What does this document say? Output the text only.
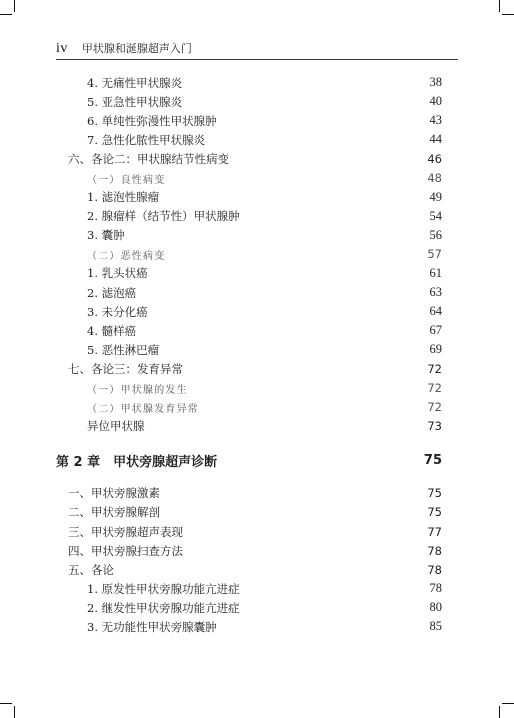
iv 甲状腺和涎腺超声入门
4. 无痛性甲状腺炎	38
5. 亚急性甲状腺炎	40
6. 单纯性弥漫性甲状腺肿	43
7. 急性化脓性甲状腺炎	44
六、各论二：甲状腺结节性病变	46
（一）良性病变	48
1. 滤泡性腺瘤	49
2. 腺瘤样（结节性）甲状腺肿	54
3. 囊肿	56
（二）恶性病变	57
1. 乳头状癌	61
2. 滤泡癌	63
3. 未分化癌	64
4. 髓样癌	67
5. 恶性淋巴瘤	69
七、各论三：发育异常	72
（一）甲状腺的发生	72
（二）甲状腺发育异常	72
异位甲状腺	73
第 2 章　甲状旁腺超声诊断	75
一、甲状旁腺激素	75
二、甲状旁腺解剖	75
三、甲状旁腺超声表现	77
四、甲状旁腺扫查方法	78
五、各论	78
1. 原发性甲状旁腺功能亢进症	78
2. 继发性甲状旁腺功能亢进症	80
3. 无功能性甲状旁腺囊肿	85
